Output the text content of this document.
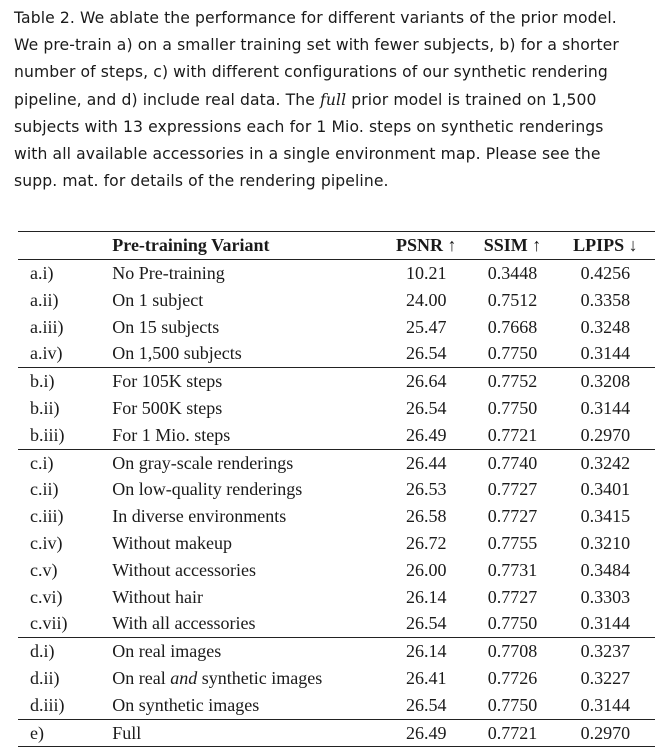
Table 2. We ablate the performance for different variants of the prior model.
We pre-train a) on a smaller training set with fewer subjects, b) for a shorter
number of steps, c) with different configurations of our synthetic rendering
pipeline, and d) include real data. The full prior model is trained on 1,500
subjects with 13 expressions each for 1 Mio. steps on synthetic renderings
with all available accessories in a single environment map. Please see the
supp. mat. for details of the rendering pipeline.

	Pre-training Variant	PSNR ↑	SSIM ↑	LPIPS ↓
a.i)	No Pre-training	10.21	0.3448	0.4256
a.ii)	On 1 subject	24.00	0.7512	0.3358
a.iii)	On 15 subjects	25.47	0.7668	0.3248
a.iv)	On 1,500 subjects	26.54	0.7750	0.3144
b.i)	For 105K steps	26.64	0.7752	0.3208
b.ii)	For 500K steps	26.54	0.7750	0.3144
b.iii)	For 1 Mio. steps	26.49	0.7721	0.2970
c.i)	On gray-scale renderings	26.44	0.7740	0.3242
c.ii)	On low-quality renderings	26.53	0.7727	0.3401
c.iii)	In diverse environments	26.58	0.7727	0.3415
c.iv)	Without makeup	26.72	0.7755	0.3210
c.v)	Without accessories	26.00	0.7731	0.3484
c.vi)	Without hair	26.14	0.7727	0.3303
c.vii)	With all accessories	26.54	0.7750	0.3144
d.i)	On real images	26.14	0.7708	0.3237
d.ii)	On real and synthetic images	26.41	0.7726	0.3227
d.iii)	On synthetic images	26.54	0.7750	0.3144
e)	Full	26.49	0.7721	0.2970
